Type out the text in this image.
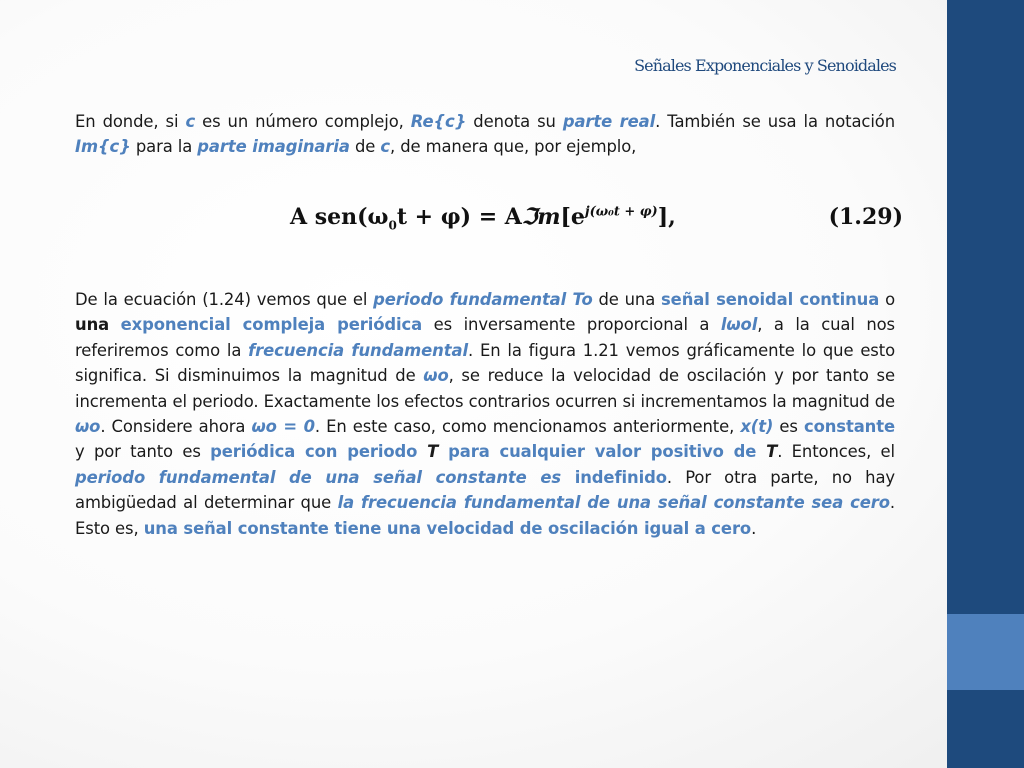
Señales Exponenciales y Senoidales

En donde, si c es un número complejo, Re{c} denota su parte real. También se usa la notación Im{c} para la parte imaginaria de c, de manera que, por ejemplo,

A $sen(\omega_0t + \varphi)$ = $Aℑm[e^{j(\omega_0t + \varphi)}]$,	(1.29)

De la ecuación (1.24) vemos que el periodo fundamental To de una señal senoidal continua o una exponencial compleja periódica es inversamente proporcional a lωol, a la cual nos referiremos como la frecuencia fundamental. En la figura 1.21 vemos gráficamente lo que esto significa. Si disminuimos la magnitud de ωo, se reduce la velocidad de oscilación y por tanto se incrementa el periodo. Exactamente los efectos contrarios ocurren si incrementamos la magnitud de ωo. Considere ahora ωo = 0. En este caso, como mencionamos anteriormente, x(t) es constante y por tanto es periódica con periodo T para cualquier valor positivo de T. Entonces, el periodo fundamental de una señal constante es indefinido. Por otra parte, no hay ambigüedad al determinar que la frecuencia fundamental de una señal constante sea cero. Esto es, una señal constante tiene una velocidad de oscilación igual a cero.
